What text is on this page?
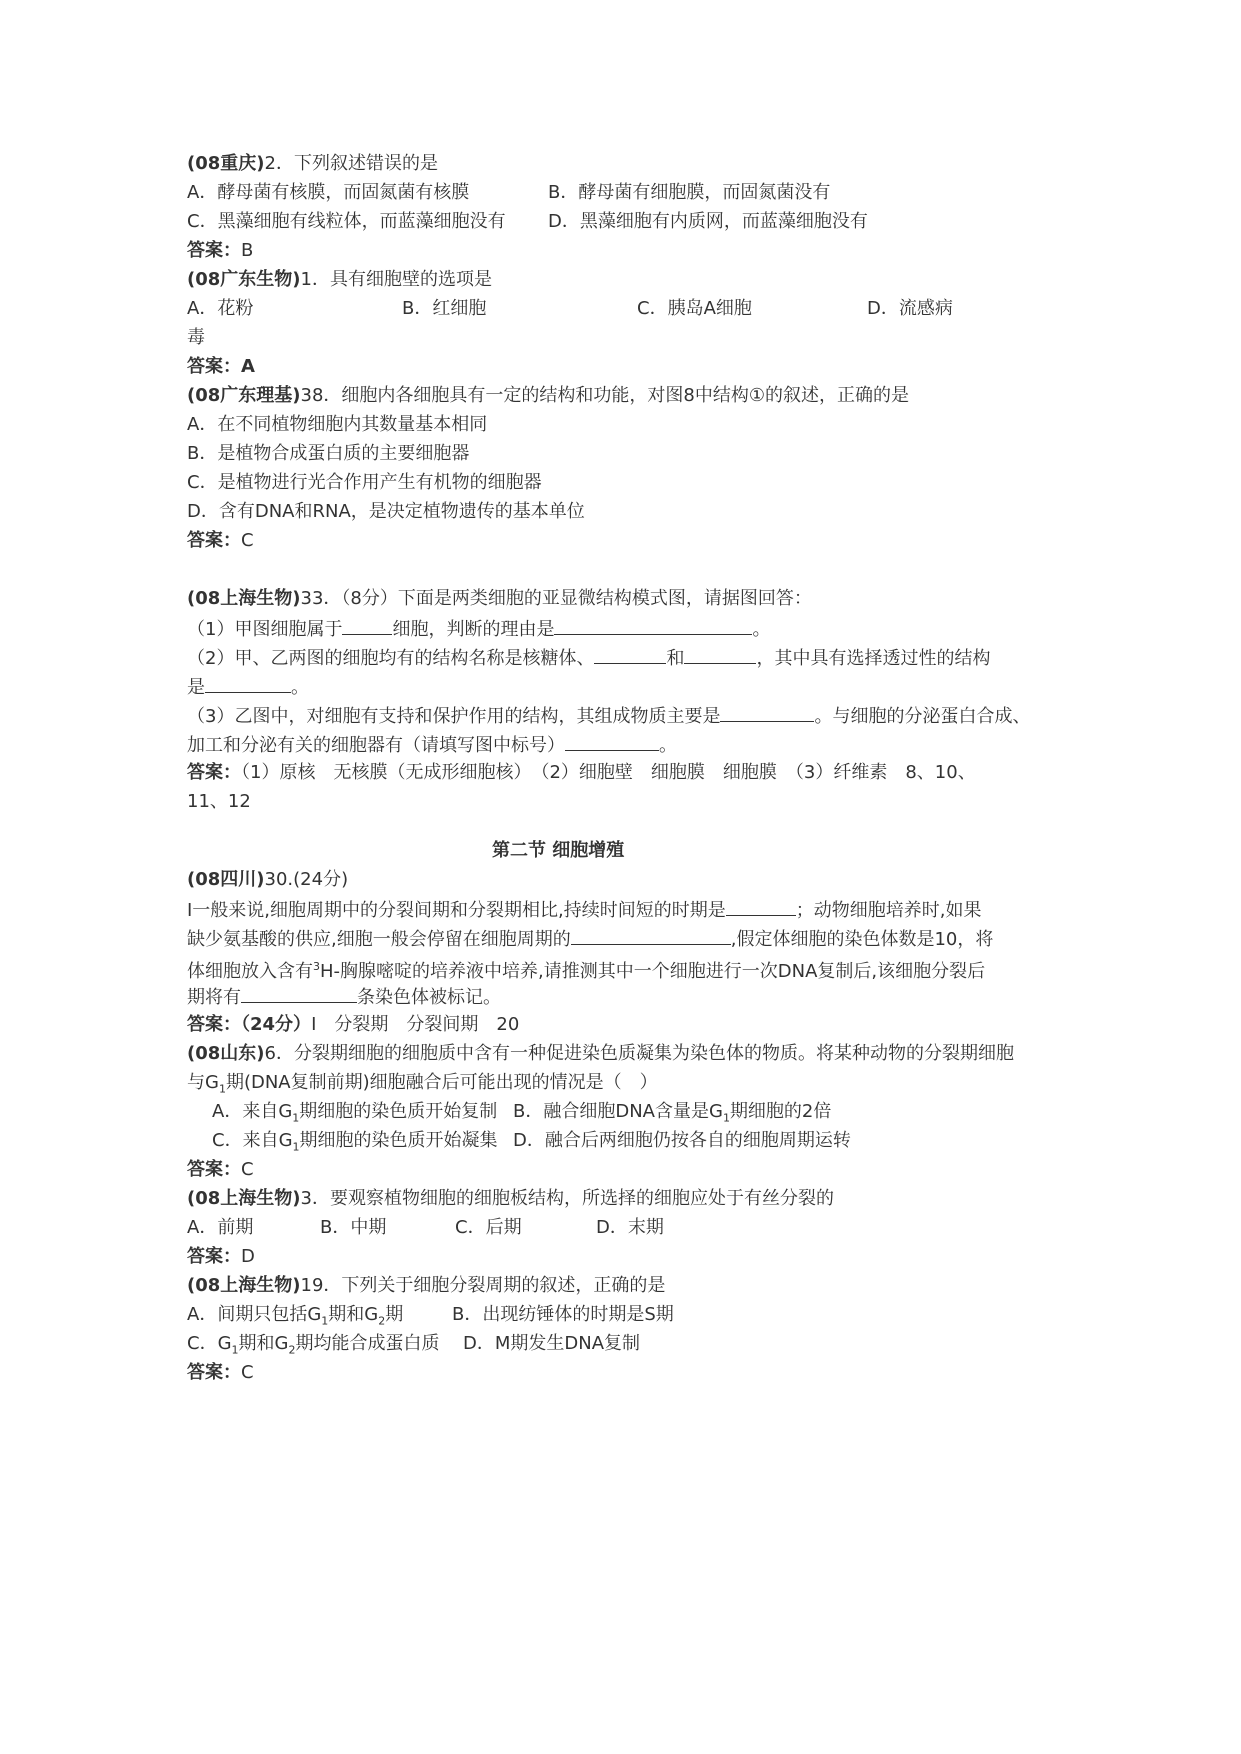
(08重庆)2．下列叙述错误的是
A．酵母菌有核膜，而固氮菌有核膜	B．酵母菌有细胞膜，而固氮菌没有
C．黑藻细胞有线粒体，而蓝藻细胞没有 D．黑藻细胞有内质网，而蓝藻细胞没有
答案：B
(08广东生物)1．具有细胞壁的选项是
A．花粉	B．红细胞	C．胰岛A细胞	D．流感病
毒
答案：A
(08广东理基)38．细胞内各细胞具有一定的结构和功能，对图8中结构①的叙述，正确的是
A．在不同植物细胞内其数量基本相同
B．是植物合成蛋白质的主要细胞器
C．是植物进行光合作用产生有机物的细胞器
D．含有DNA和RNA，是决定植物遗传的基本单位
答案：C
(08上海生物)33．（8分）下面是两类细胞的亚显微结构模式图，请据图回答：
（1）甲图细胞属于	细胞，判断的理由是	。
（2）甲、乙两图的细胞均有的结构名称是核糖体、	和	，其中具有选择透过性的结构
是	。
（3）乙图中，对细胞有支持和保护作用的结构，其组成物质主要是	。与细胞的分泌蛋白合成、
加工和分泌有关的细胞器有（请填写图中标号）	。
答案：（1）原核　无核膜（无成形细胞核）　（2）细胞壁　细胞膜　细胞膜　（3）纤维素　8、10、
11、12
第二节 细胞增殖
(08四川)30.(24分)
Ⅰ一般来说,细胞周期中的分裂间期和分裂期相比,持续时间短的时期是	；动物细胞培养时,如果
缺少氨基酸的供应,细胞一般会停留在细胞周期的	,假定体细胞的染色体数是10，将
体细胞放入含有$^3$H-胸腺嘧啶的培养液中培养,请推测其中一个细胞进行一次DNA复制后,该细胞分裂后
期将有	条染色体被标记。
答案：（24分）Ⅰ　分裂期　分裂间期　20
(08山东)6．分裂期细胞的细胞质中含有一种促进染色质凝集为染色体的物质。将某种动物的分裂期细胞
与$G_1$期(DNA复制前期)细胞融合后可能出现的情况是（　）
A．来自$G_1$期细胞的染色质开始复制 B．融合细胞DNA含量是$G_1$期细胞的2倍
C．来自$G_1$期细胞的染色质开始凝集 D．融合后两细胞仍按各自的细胞周期运转
答案：C
(08上海生物)3．要观察植物细胞的细胞板结构，所选择的细胞应处于有丝分裂的
A．前期	B．中期	C．后期	D．末期
答案：D
(08上海生物)19．下列关于细胞分裂周期的叙述，正确的是
A．间期只包括$G_1$期和$G_2$期	B．出现纺锤体的时期是S期
C．$G_1$期和$G_2$期均能合成蛋白质 D．M期发生DNA复制
答案：C
